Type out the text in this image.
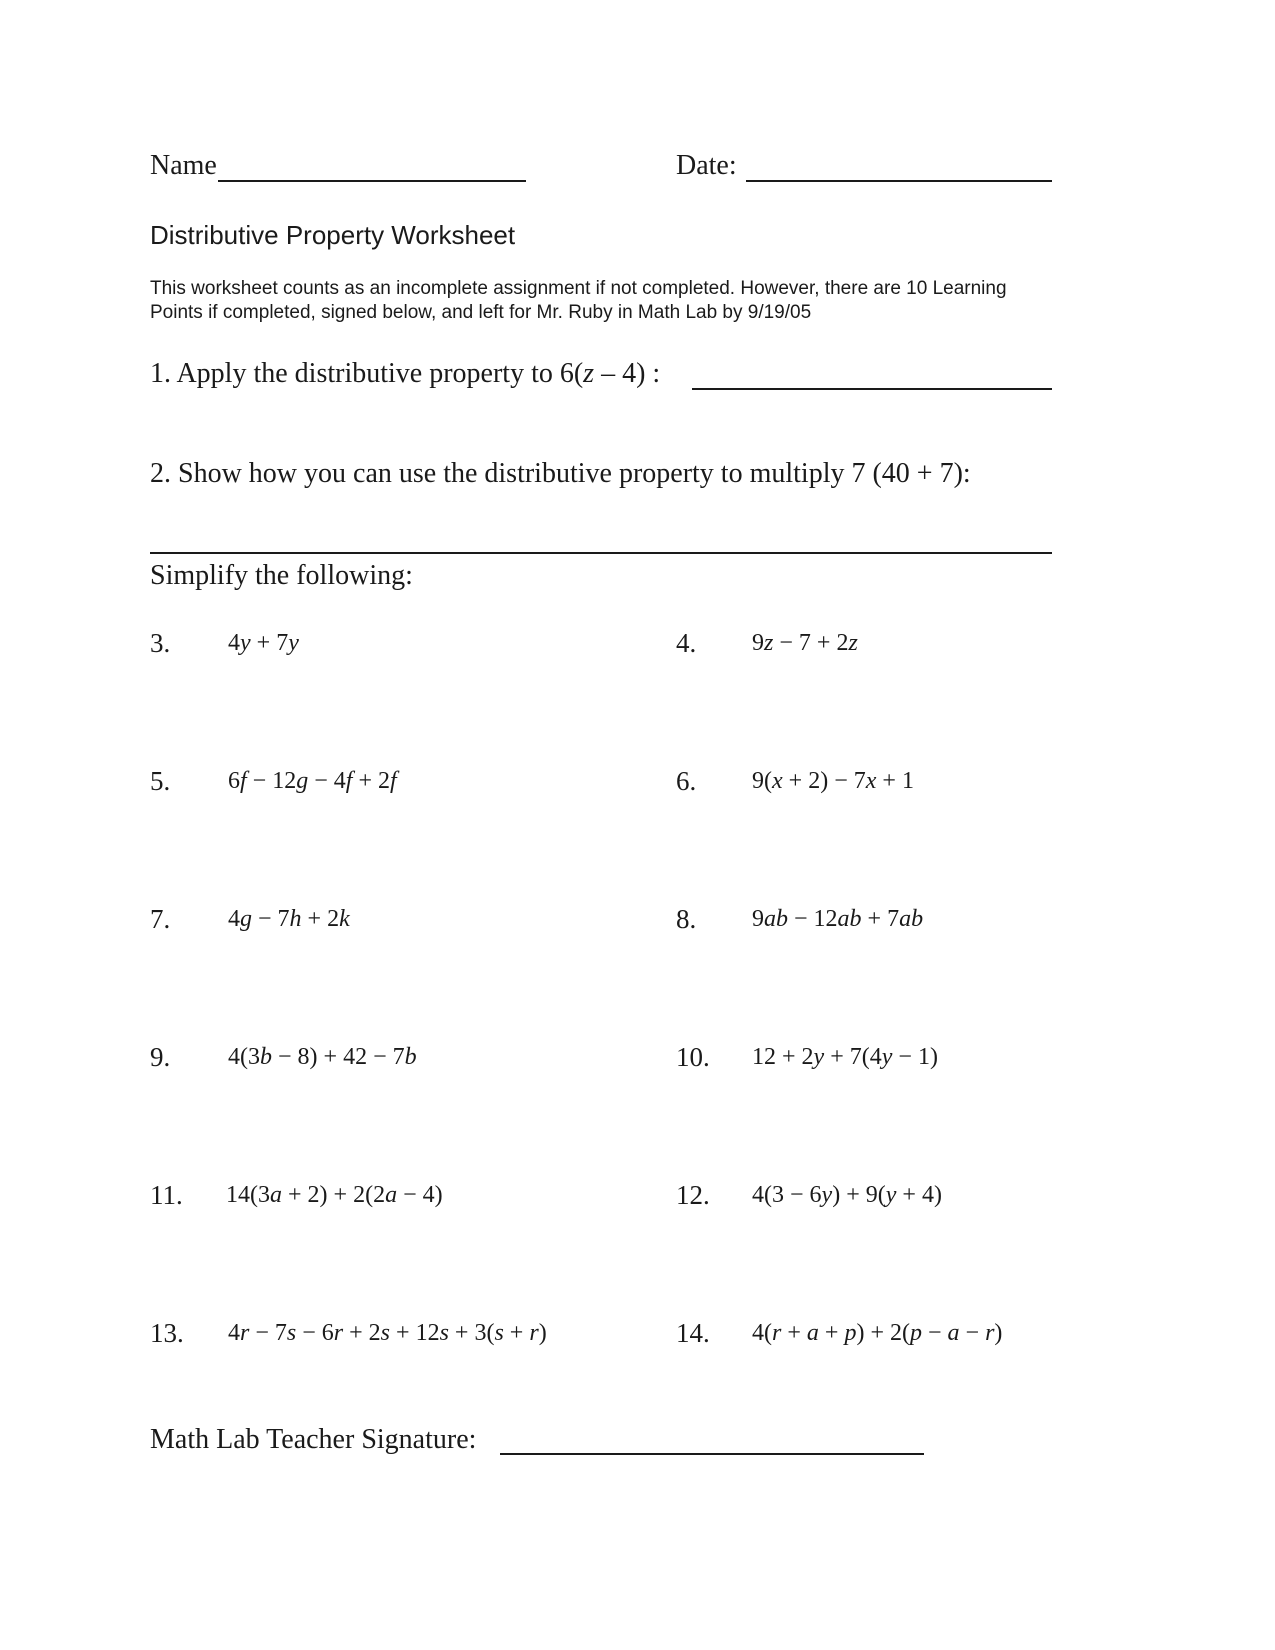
Name	Date:
Distributive Property Worksheet
This worksheet counts as an incomplete assignment if not completed. However, there are 10 Learning
Points if completed, signed below, and left for Mr. Ruby in Math Lab by 9/19/05
1. Apply the distributive property to 6(z – 4) :
2. Show how you can use the distributive property to multiply 7 (40 + 7):
Simplify the following:
3. 4y + 7y
5. 6f − 12g − 4f + 2f
7. 4g − 7h + 2k
9. 4(3b − 8) + 42 − 7b
11. 14(3a + 2) + 2(2a − 4)
13. 4r − 7s − 6r + 2s + 12s + 3(s + r)
4. 9z − 7 + 2z
6. 9(x + 2) − 7x + 1
8. 9ab − 12ab + 7ab
10. 12 + 2y + 7(4y − 1)
12. 4(3 − 6y) + 9(y + 4)
14. 4(r + a + p) + 2(p − a − r)
Math Lab Teacher Signature:
